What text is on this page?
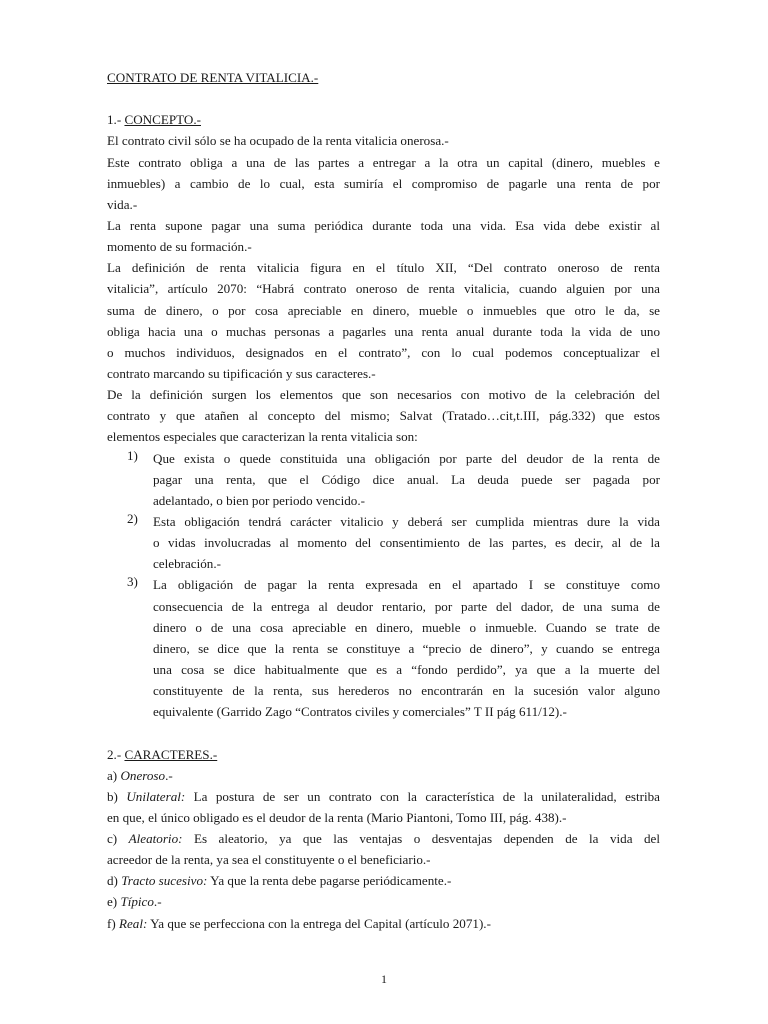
CONTRATO DE RENTA VITALICIA.-
1.- CONCEPTO.-
El contrato civil sólo se ha ocupado de la renta vitalicia onerosa.-
Este contrato obliga a una de las partes a entregar a la otra un capital (dinero, muebles e
inmuebles) a cambio de lo cual, esta sumiría el compromiso de pagarle una renta de por
vida.-
La renta supone pagar una suma periódica durante toda una vida. Esa vida debe existir al
momento de su formación.-
La definición de renta vitalicia figura en el título XII, “Del contrato oneroso de renta
vitalicia”, artículo 2070: “Habrá contrato oneroso de renta vitalicia, cuando alguien por una
suma de dinero, o por cosa apreciable en dinero, mueble o inmuebles que otro le da, se
obliga hacia una o muchas personas a pagarles una renta anual durante toda la vida de uno
o muchos individuos, designados en el contrato”, con lo cual podemos conceptualizar el
contrato marcando su tipificación y sus caracteres.-
De la definición surgen los elementos que son necesarios con motivo de la celebración del
contrato y que atañen al concepto del mismo; Salvat (Tratado…cit,t.III, pág.332) que estos
elementos especiales que caracterizan la renta vitalicia son:
1) Que exista o quede constituida una obligación por parte del deudor de la renta de
pagar una renta, que el Código dice anual. La deuda puede ser pagada por
adelantado, o bien por periodo vencido.-
2) Esta obligación tendrá carácter vitalicio y deberá ser cumplida mientras dure la vida
o vidas involucradas al momento del consentimiento de las partes, es decir, al de la
celebración.-
3) La obligación de pagar la renta expresada en el apartado I se constituye como
consecuencia de la entrega al deudor rentario, por parte del dador, de una suma de
dinero o de una cosa apreciable en dinero, mueble o inmueble. Cuando se trate de
dinero, se dice que la renta se constituye a “precio de dinero”, y cuando se entrega
una cosa se dice habitualmente que es a “fondo perdido”, ya que a la muerte del
constituyente de la renta, sus herederos no encontrarán en la sucesión valor alguno
equivalente (Garrido Zago “Contratos civiles y comerciales” T II pág 611/12).-
2.- CARACTERES.-
a) Oneroso.-
b) Unilateral: La postura de ser un contrato con la característica de la unilateralidad, estriba
en que, el único obligado es el deudor de la renta (Mario Piantoni, Tomo III, pág. 438).-
c) Aleatorio: Es aleatorio, ya que las ventajas o desventajas dependen de la vida del
acreedor de la renta, ya sea el constituyente o el beneficiario.-
d) Tracto sucesivo: Ya que la renta debe pagarse periódicamente.-
e) Típico.-
f) Real: Ya que se perfecciona con la entrega del Capital (artículo 2071).-
1
